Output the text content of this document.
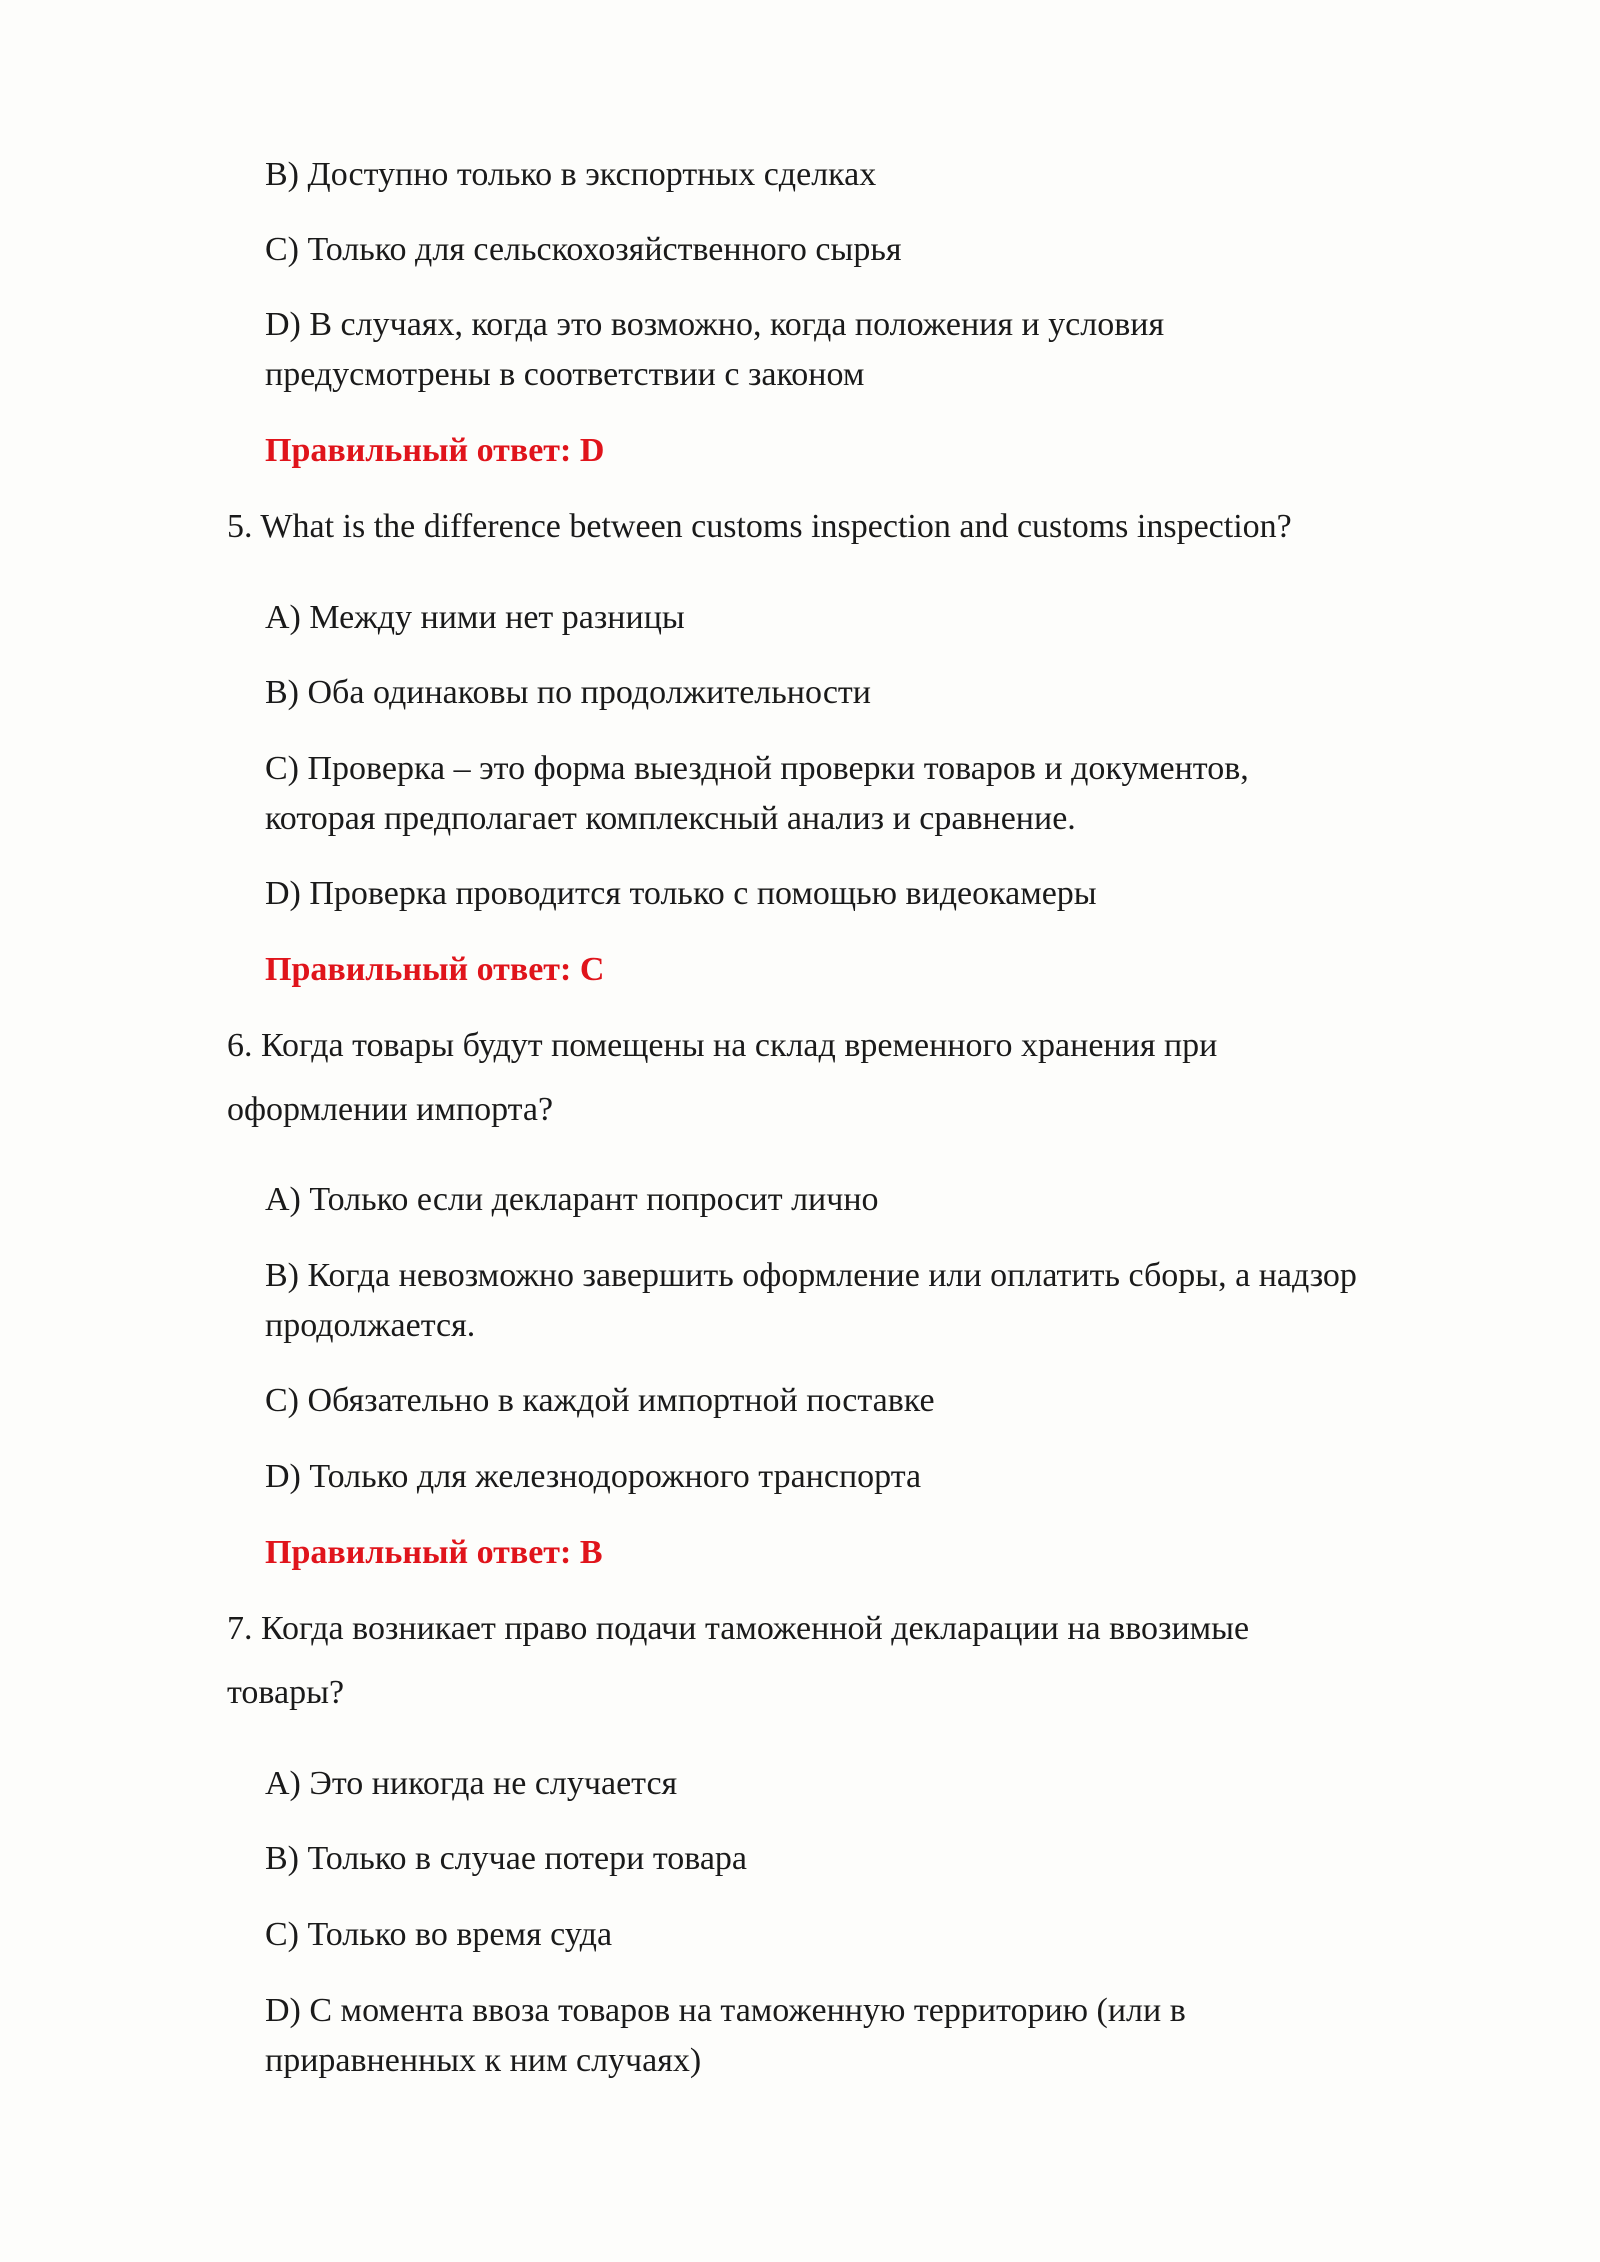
B) Доступно только в экспортных сделках
C) Только для сельскохозяйственного сырья
D) В случаях, когда это возможно, когда положения и условия
предусмотрены в соответствии с законом
Правильный ответ: D
5. What is the difference between customs inspection and customs inspection?
A) Между ними нет разницы
B) Оба одинаковы по продолжительности
C) Проверка – это форма выездной проверки товаров и документов,
которая предполагает комплексный анализ и сравнение.
D) Проверка проводится только с помощью видеокамеры
Правильный ответ: C
6. Когда товары будут помещены на склад временного хранения при
оформлении импорта?
A) Только если декларант попросит лично
B) Когда невозможно завершить оформление или оплатить сборы, а надзор
продолжается.
C) Обязательно в каждой импортной поставке
D) Только для железнодорожного транспорта
Правильный ответ: B
7. Когда возникает право подачи таможенной декларации на ввозимые
товары?
A) Это никогда не случается
B) Только в случае потери товара
C) Только во время суда
D) С момента ввоза товаров на таможенную территорию (или в
приравненных к ним случаях)
